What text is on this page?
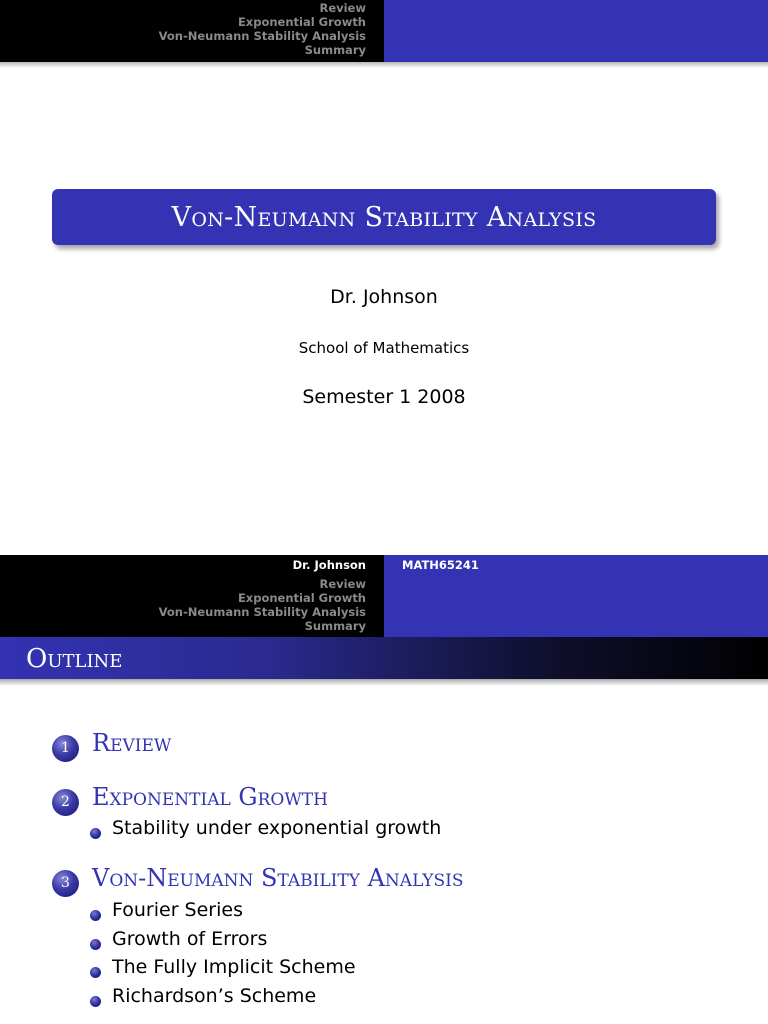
Review
Exponential Growth
Von-Neumann Stability Analysis
Summary
Von-Neumann Stability Analysis
Dr. Johnson
School of Mathematics
Semester 1 2008
Dr. Johnson	MATH65241
Review
Exponential Growth
Von-Neumann Stability Analysis
Summary
Outline
1 Review
2 Exponential Growth
Stability under exponential growth
3 Von-Neumann Stability Analysis
Fourier Series
Growth of Errors
The Fully Implicit Scheme
Richardson’s Scheme
